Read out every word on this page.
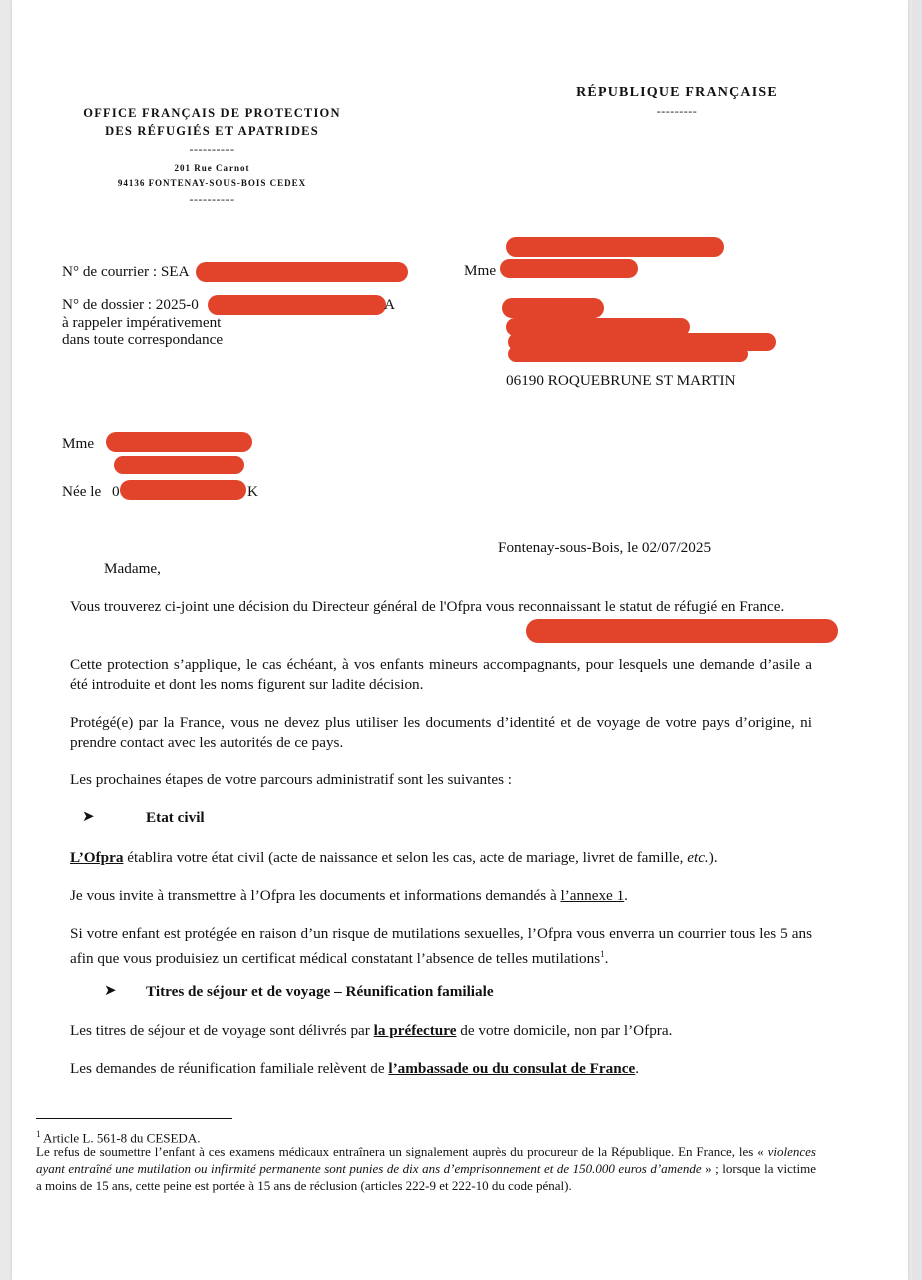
OFFICE FRANÇAIS DE PROTECTION
DES RÉFUGIÉS ET APATRIDES
----------
201 Rue Carnot
94136 FONTENAY-SOUS-BOIS CEDEX
----------
RÉPUBLIQUE FRANÇAISE
---------
N° de courrier : SEA
N° de dossier : 2025-0	A
à rappeler impérativement
dans toute correspondance
Mme
06190 ROQUEBRUNE ST MARTIN
Mme
Née le 0	K
Fontenay-sous-Bois, le 02/07/2025
Madame,
Vous trouverez ci-joint une décision du Directeur général de l'Ofpra vous reconnaissant le statut de réfugié en France.
Cette protection s’applique, le cas échéant, à vos enfants mineurs accompagnants, pour lesquels une demande d’asile a été introduite et dont les noms figurent sur ladite décision.
Protégé(e) par la France, vous ne devez plus utiliser les documents d’identité et de voyage de votre pays d’origine, ni prendre contact avec les autorités de ce pays.
Les prochaines étapes de votre parcours administratif sont les suivantes :
➤	Etat civil
L’Ofpra établira votre état civil (acte de naissance et selon les cas, acte de mariage, livret de famille, etc.).
Je vous invite à transmettre à l’Ofpra les documents et informations demandés à l’annexe 1.
Si votre enfant est protégée en raison d’un risque de mutilations sexuelles, l’Ofpra vous enverra un courrier tous les 5 ans afin que vous produisiez un certificat médical constatant l’absence de telles mutilations$^1$.
➤ Titres de séjour et de voyage – Réunification familiale
Les titres de séjour et de voyage sont délivrés par la préfecture de votre domicile, non par l’Ofpra.
Les demandes de réunification familiale relèvent de l’ambassade ou du consulat de France.
$^1$ Article L. 561-8 du CESEDA.
Le refus de soumettre l’enfant à ces examens médicaux entraînera un signalement auprès du procureur de la République. En France, les « violences ayant entraîné une mutilation ou infirmité permanente sont punies de dix ans d’emprisonnement et de 150.000 euros d’amende » ; lorsque la victime a moins de 15 ans, cette peine est portée à 15 ans de réclusion (articles 222-9 et 222-10 du code pénal).
